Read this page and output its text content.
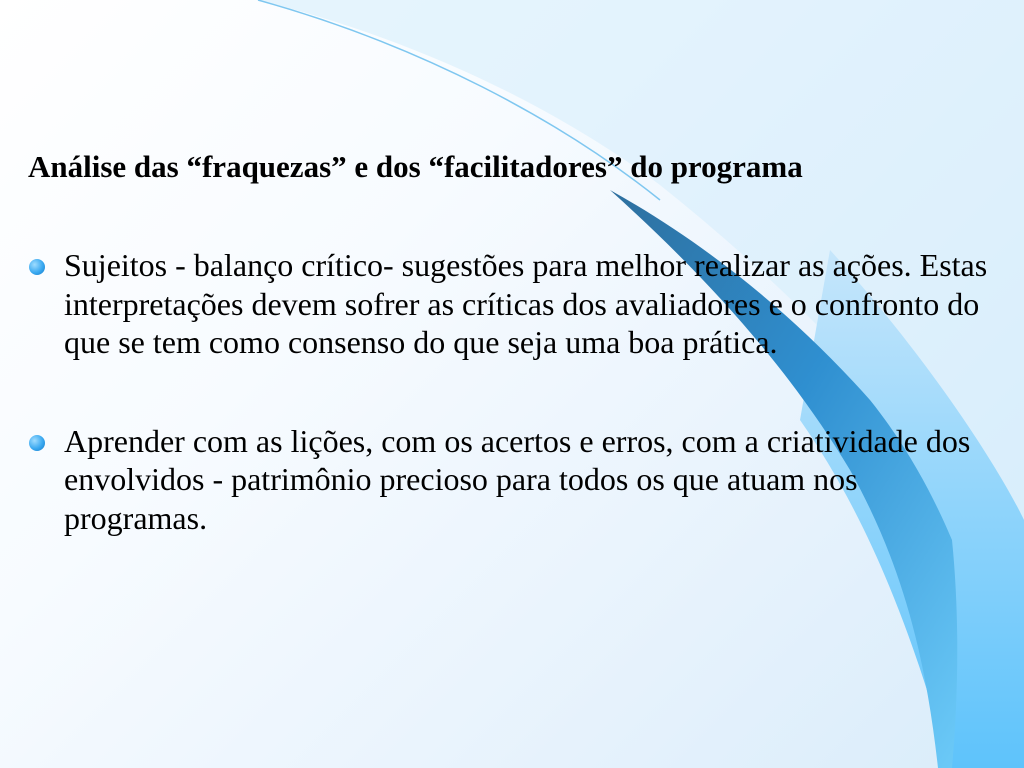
Análise das “fraquezas” e dos “facilitadores” do programa
Sujeitos - balanço crítico- sugestões para melhor realizar as ações. Estas interpretações devem sofrer as críticas dos avaliadores e o confronto do que se tem como consenso do que seja uma boa prática.
Aprender com as lições, com os acertos e erros, com a criatividade dos envolvidos - patrimônio precioso para todos os que atuam nos programas.
